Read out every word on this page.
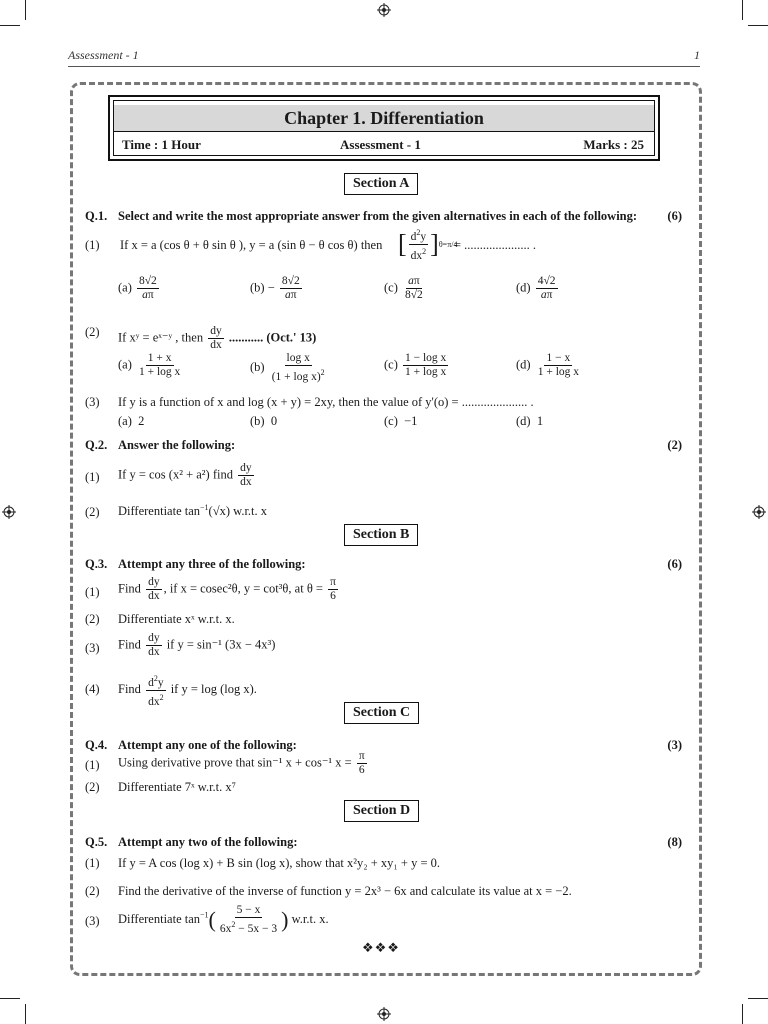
Assessment - 1	1
Chapter 1. Differentiation
Time : 1 Hour	Assessment - 1	Marks : 25
Section A
Q.1. Select and write the most appropriate answer from the given alternatives in each of the following: (6)
(1) If x = a (cos θ + θ sin θ ), y = a (sin θ − θ cos θ) then [ $\frac{d^2y}{dx^2} ]\theta=\pi/4$
= ..................... .
$(a) \frac{8√2}{a\pi}$	$(b) - \frac{8√2}{a\pi}$	$(c) \frac{a\pi}{8√2}$	$(d) \frac{4√2}{a\pi}$
(2) If xʸ = eˣ⁻ʸ , then $\frac{dy}{dx}$ ........... (Oct.' 13)
$(a) \frac{1 + x}{\text{1 + log x}}$	$(b) \frac{\text{log x}}{(1 + \log x)^2}$	$(c) \frac{\text{1 − log x}}{\text{1 + log x}}$	$(d) \frac{1 - x}{\text{1 + log x}}$
(3) If y is a function of x and log (x + y) = 2xy, then the value of y'(o) = ..................... .
(a) 2	(b) 0	(c) −1	(d) 1
Q.2. Answer the following:	(2)
(1) If y = cos (x² + a²) find $\frac{dy}{dx}$
(2) Differentiate $\tan^{-1}(√x)$ w.r.t. x
Section B
Q.3. Attempt any three of the following:	(6)
(1) Find $\frac{dy}{dx}$ , if x = cosec²θ, y = cot³θ, at $\theta = \frac{\pi}{6}$
(2) Differentiate xˣ w.r.t. x.
(3) Find $\frac{dy}{dx}$ if y = sin⁻¹ (3x − 4x³)
(4) Find $\frac{d^2y}{dx^2}$ if y = log (log x).
Section C
Q.4. Attempt any one of the following:	(3)
(1) Using derivative prove that sin⁻¹ x + cos⁻¹ $x = \frac{\pi}{6}$
(2) Differentiate 7ˣ w.r.t. x⁷
Section D
Q.5. Attempt any two of the following:	(8)
(1) If y = A cos (log x) + B sin (log x), show that x²y₂ + xy₁ + y = 0.
(2) Find the derivative of the inverse of function y = 2x³ − 6x and calculate its value at x = −2.
(3) Differentiate $\tan^{-1}( \frac{5 - x}{6x^2 - 5x - 3}$ ) w.r.t. x.
❖❖❖
